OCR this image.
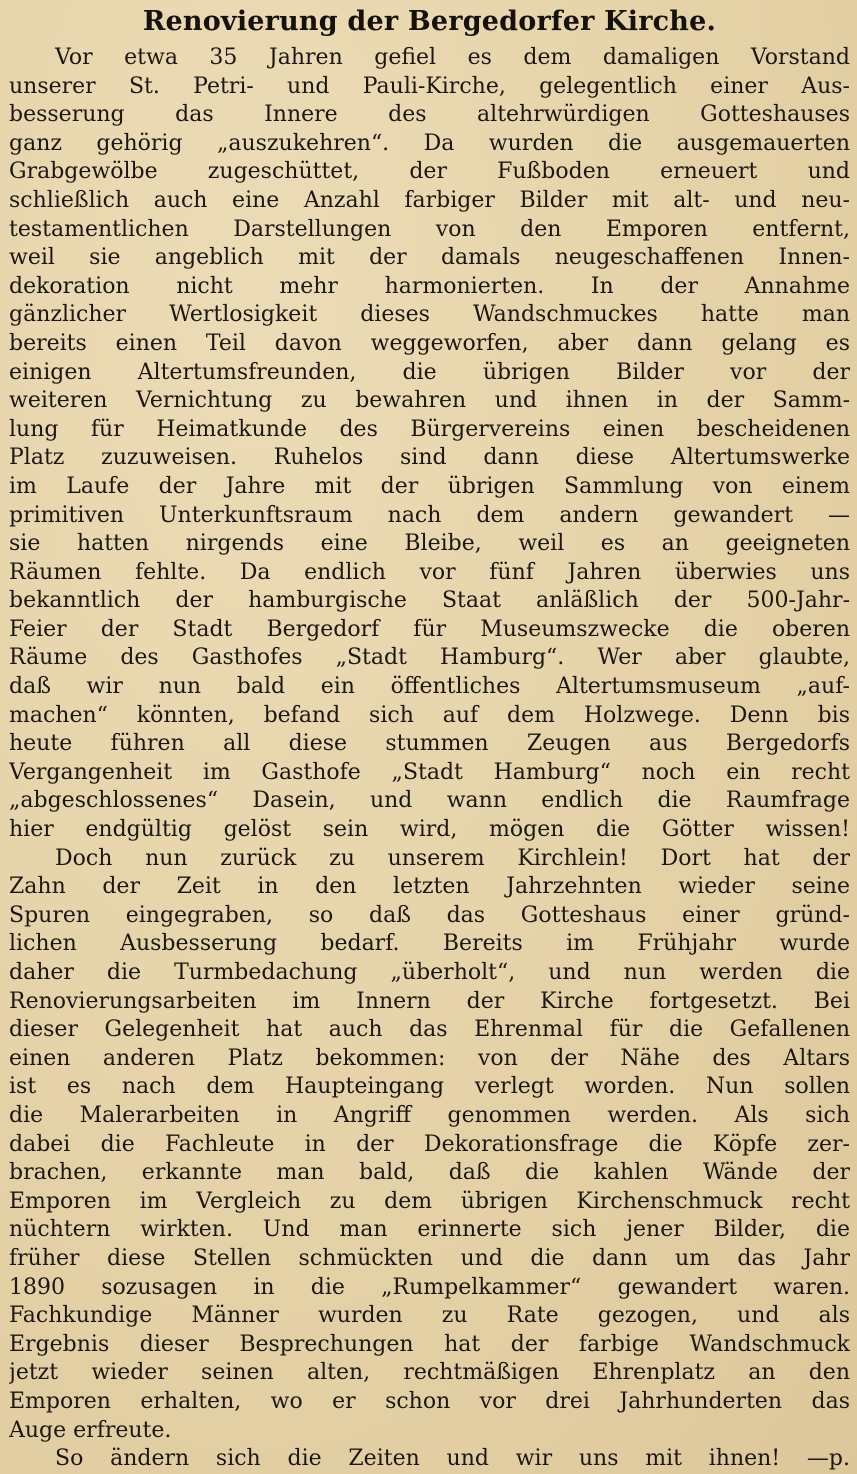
Renovierung der Bergedorfer Kirche.
Vor etwa 35 Jahren gefiel es dem damaligen Vorstand
unserer St. Petri- und Pauli-Kirche, gelegentlich einer Aus-
besserung das Innere des altehrwürdigen Gotteshauses
ganz gehörig „auszukehren“. Da wurden die ausgemauerten
Grabgewölbe zugeschüttet, der Fußboden erneuert und
schließlich auch eine Anzahl farbiger Bilder mit alt- und neu-
testamentlichen Darstellungen von den Emporen entfernt,
weil sie angeblich mit der damals neugeschaffenen Innen-
dekoration nicht mehr harmonierten. In der Annahme
gänzlicher Wertlosigkeit dieses Wandschmuckes hatte man
bereits einen Teil davon weggeworfen, aber dann gelang es
einigen Altertumsfreunden, die übrigen Bilder vor der
weiteren Vernichtung zu bewahren und ihnen in der Samm-
lung für Heimatkunde des Bürgervereins einen bescheidenen
Platz zuzuweisen. Ruhelos sind dann diese Altertumswerke
im Laufe der Jahre mit der übrigen Sammlung von einem
primitiven Unterkunftsraum nach dem andern gewandert —
sie hatten nirgends eine Bleibe, weil es an geeigneten
Räumen fehlte. Da endlich vor fünf Jahren überwies uns
bekanntlich der hamburgische Staat anläßlich der 500-Jahr-
Feier der Stadt Bergedorf für Museumszwecke die oberen
Räume des Gasthofes „Stadt Hamburg“. Wer aber glaubte,
daß wir nun bald ein öffentliches Altertumsmuseum „auf-
machen“ könnten, befand sich auf dem Holzwege. Denn bis
heute führen all diese stummen Zeugen aus Bergedorfs
Vergangenheit im Gasthofe „Stadt Hamburg“ noch ein recht
„abgeschlossenes“ Dasein, und wann endlich die Raumfrage
hier endgültig gelöst sein wird, mögen die Götter wissen!
Doch nun zurück zu unserem Kirchlein! Dort hat der
Zahn der Zeit in den letzten Jahrzehnten wieder seine
Spuren eingegraben, so daß das Gotteshaus einer gründ-
lichen Ausbesserung bedarf. Bereits im Frühjahr wurde
daher die Turmbedachung „überholt“, und nun werden die
Renovierungsarbeiten im Innern der Kirche fortgesetzt. Bei
dieser Gelegenheit hat auch das Ehrenmal für die Gefallenen
einen anderen Platz bekommen: von der Nähe des Altars
ist es nach dem Haupteingang verlegt worden. Nun sollen
die Malerarbeiten in Angriff genommen werden. Als sich
dabei die Fachleute in der Dekorationsfrage die Köpfe zer-
brachen, erkannte man bald, daß die kahlen Wände der
Emporen im Vergleich zu dem übrigen Kirchenschmuck recht
nüchtern wirkten. Und man erinnerte sich jener Bilder, die
früher diese Stellen schmückten und die dann um das Jahr
1890 sozusagen in die „Rumpelkammer“ gewandert waren.
Fachkundige Männer wurden zu Rate gezogen, und als
Ergebnis dieser Besprechungen hat der farbige Wandschmuck
jetzt wieder seinen alten, rechtmäßigen Ehrenplatz an den
Emporen erhalten, wo er schon vor drei Jahrhunderten das
Auge erfreute.
So ändern sich die Zeiten und wir uns mit ihnen! —p.
